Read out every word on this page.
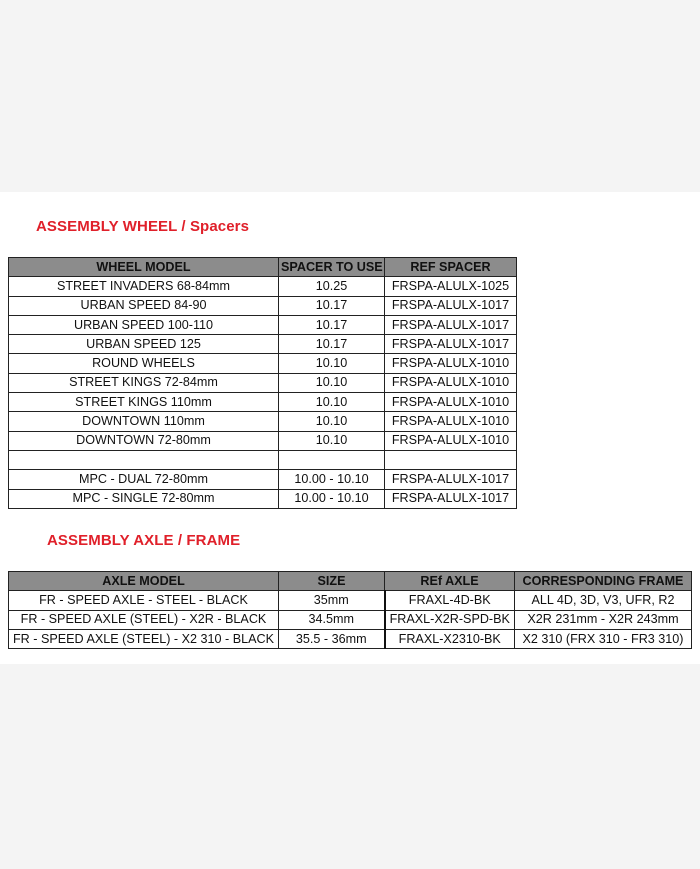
ASSEMBLY WHEEL / Spacers
WHEEL MODEL	SPACER TO USE	REF SPACER
STREET INVADERS 68-84mm	10.25	FRSPA-ALULX-1025
URBAN SPEED 84-90	10.17	FRSPA-ALULX-1017
URBAN SPEED 100-110	10.17	FRSPA-ALULX-1017
URBAN SPEED 125	10.17	FRSPA-ALULX-1017
ROUND WHEELS	10.10	FRSPA-ALULX-1010
STREET KINGS 72-84mm	10.10	FRSPA-ALULX-1010
STREET KINGS 110mm	10.10	FRSPA-ALULX-1010
DOWNTOWN 110mm	10.10	FRSPA-ALULX-1010
DOWNTOWN 72-80mm	10.10	FRSPA-ALULX-1010

MPC - DUAL 72-80mm	10.00 - 10.10	FRSPA-ALULX-1017
MPC - SINGLE 72-80mm	10.00 - 10.10	FRSPA-ALULX-1017
ASSEMBLY AXLE / FRAME
AXLE MODEL	SIZE	REf AXLE	CORRESPONDING FRAME
FR - SPEED AXLE - STEEL - BLACK	35mm	FRAXL-4D-BK	ALL 4D, 3D, V3, UFR, R2
FR - SPEED AXLE (STEEL) - X2R - BLACK	34.5mm	FRAXL-X2R-SPD-BK	X2R 231mm - X2R 243mm
FR - SPEED AXLE (STEEL) - X2 310 - BLACK	35.5 - 36mm	FRAXL-X2310-BK	X2 310 (FRX 310 - FR3 310)
